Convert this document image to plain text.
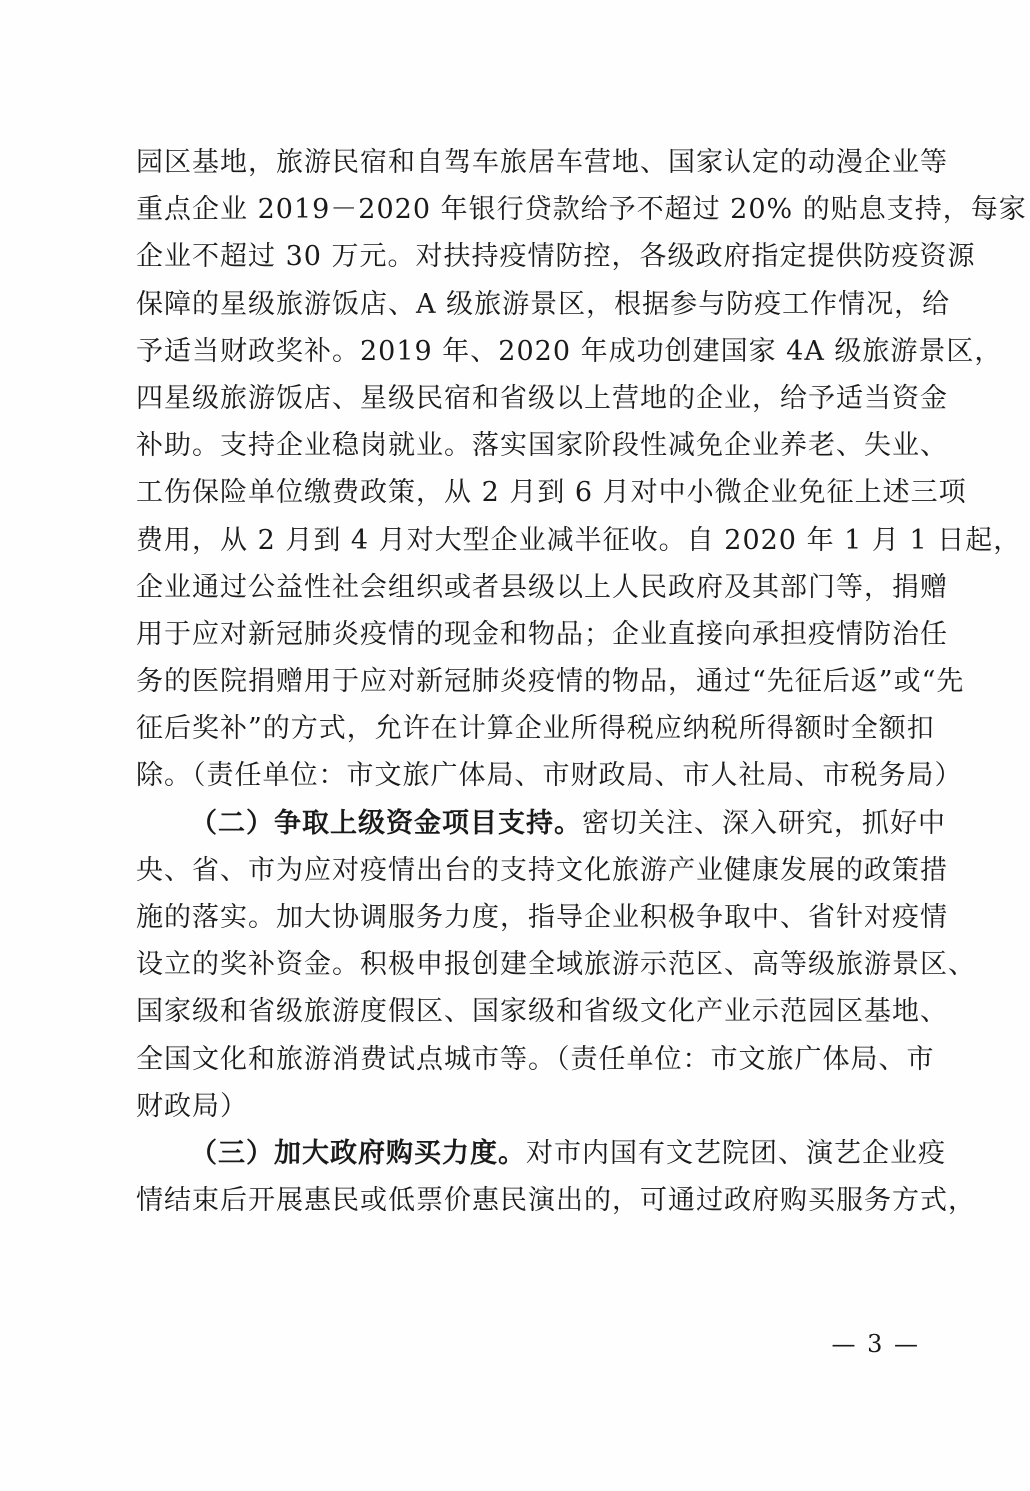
园区基地，旅游民宿和自驾车旅居车营地、国家认定的动漫企业等
重点企业 2019－2020 年银行贷款给予不超过 20% 的贴息支持，每家
企业不超过 30 万元。对扶持疫情防控，各级政府指定提供防疫资源
保障的星级旅游饭店、A 级旅游景区，根据参与防疫工作情况，给
予适当财政奖补。2019 年、2020 年成功创建国家 4A 级旅游景区，
四星级旅游饭店、星级民宿和省级以上营地的企业，给予适当资金
补助。支持企业稳岗就业。落实国家阶段性减免企业养老、失业、
工伤保险单位缴费政策，从 2 月到 6 月对中小微企业免征上述三项
费用，从 2 月到 4 月对大型企业减半征收。自 2020 年 1 月 1 日起，
企业通过公益性社会组织或者县级以上人民政府及其部门等，捐赠
用于应对新冠肺炎疫情的现金和物品；企业直接向承担疫情防治任
务的医院捐赠用于应对新冠肺炎疫情的物品，通过“先征后返”或“先
征后奖补”的方式，允许在计算企业所得税应纳税所得额时全额扣
除。（责任单位：市文旅广体局、市财政局、市人社局、市税务局）
（二）争取上级资金项目支持。密切关注、深入研究，抓好中
央、省、市为应对疫情出台的支持文化旅游产业健康发展的政策措
施的落实。加大协调服务力度，指导企业积极争取中、省针对疫情
设立的奖补资金。积极申报创建全域旅游示范区、高等级旅游景区、
国家级和省级旅游度假区、国家级和省级文化产业示范园区基地、
全国文化和旅游消费试点城市等。（责任单位：市文旅广体局、市
财政局）
（三）加大政府购买力度。对市内国有文艺院团、演艺企业疫
情结束后开展惠民或低票价惠民演出的，可通过政府购买服务方式，
— 3 —
